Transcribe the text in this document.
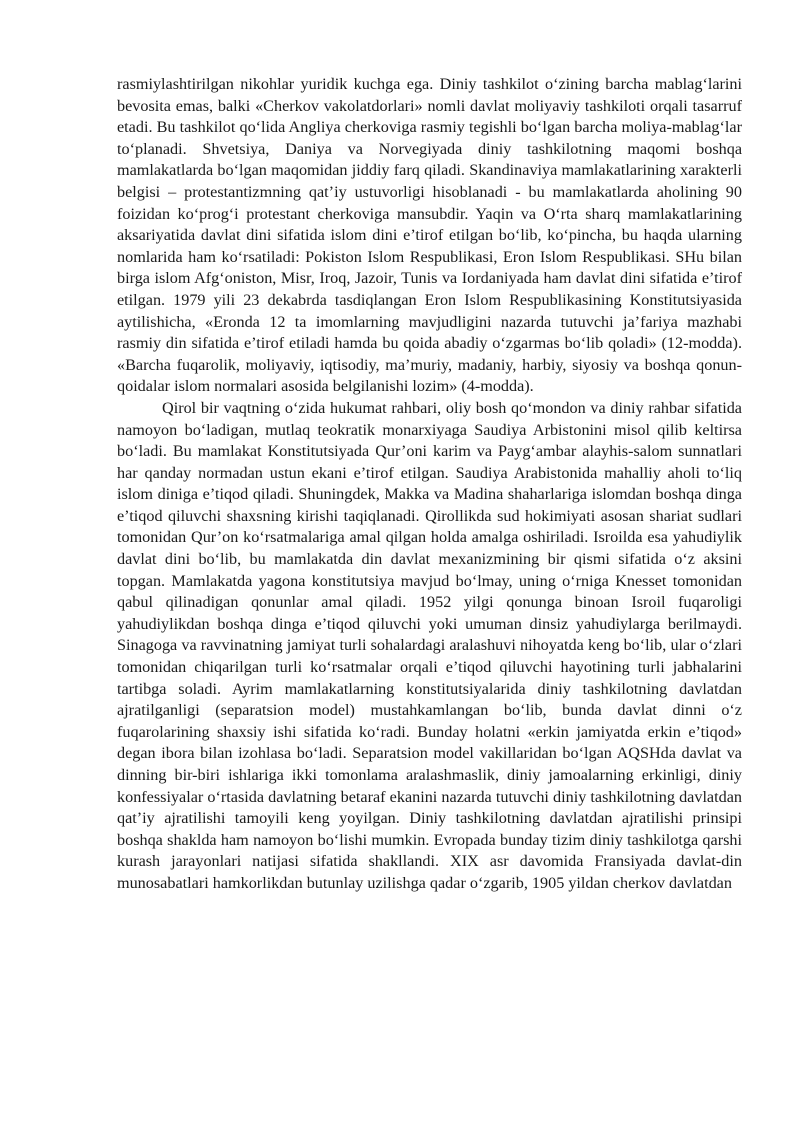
rasmiylashtirilgan nikohlar yuridik kuchga ega. Diniy tashkilot o‘zining barcha mablag‘larini bevosita emas, balki «Cherkov vakolatdorlari» nomli davlat moliyaviy tashkiloti orqali tasarruf etadi. Bu tashkilot qo‘lida Angliya cherkoviga rasmiy tegishli bo‘lgan barcha moliya-mablag‘lar to‘planadi. Shvetsiya, Daniya va Norvegiyada diniy tashkilotning maqomi boshqa mamlakatlarda bo‘lgan maqomidan jiddiy farq qiladi. Skandinaviya mamlakatlarining xarakterli belgisi – protestantizmning qat’iy ustuvorligi hisoblanadi - bu mamlakatlarda aholining 90 foizidan ko‘prog‘i protestant cherkoviga mansubdir. Yaqin va O‘rta sharq mamlakatlarining aksariyatida davlat dini sifatida islom dini e’tirof etilgan bo‘lib, ko‘pincha, bu haqda ularning nomlarida ham ko‘rsatiladi: Pokiston Islom Respublikasi, Eron Islom Respublikasi. SHu bilan birga islom Afg‘oniston, Misr, Iroq, Jazoir, Tunis va Iordaniyada ham davlat dini sifatida e’tirof etilgan. 1979 yili 23 dekabrda tasdiqlangan Eron Islom Respublikasining Konstitutsiyasida aytilishicha, «Eronda 12 ta imomlarning mavjudligini nazarda tutuvchi ja’fariya mazhabi rasmiy din sifatida e’tirof etiladi hamda bu qoida abadiy o‘zgarmas bo‘lib qoladi» (12-modda). «Barcha fuqarolik, moliyaviy, iqtisodiy, ma’muriy, madaniy, harbiy, siyosiy va boshqa qonun-qoidalar islom normalari asosida belgilanishi lozim» (4-modda).

Qirol bir vaqtning o‘zida hukumat rahbari, oliy bosh qo‘mondon va diniy rahbar sifatida namoyon bo‘ladigan, mutlaq teokratik monarxiyaga Saudiya Arbistonini misol qilib keltirsa bo‘ladi. Bu mamlakat Konstitutsiyada Qur’oni karim va Payg‘ambar alayhis-salom sunnatlari har qanday normadan ustun ekani e’tirof etilgan. Saudiya Arabistonida mahalliy aholi to‘liq islom diniga e’tiqod qiladi. Shuningdek, Makka va Madina shaharlariga islomdan boshqa dinga e’tiqod qiluvchi shaxsning kirishi taqiqlanadi. Qirollikda sud hokimiyati asosan shariat sudlari tomonidan Qur’on ko‘rsatmalariga amal qilgan holda amalga oshiriladi. Isroilda esa yahudiylik davlat dini bo‘lib, bu mamlakatda din davlat mexanizmining bir qismi sifatida o‘z aksini topgan. Mamlakatda yagona konstitutsiya mavjud bo‘lmay, uning o‘rniga Knesset tomonidan qabul qilinadigan qonunlar amal qiladi. 1952 yilgi qonunga binoan Isroil fuqaroligi yahudiylikdan boshqa dinga e’tiqod qiluvchi yoki umuman dinsiz yahudiylarga berilmaydi. Sinagoga va ravvinatning jamiyat turli sohalardagi aralashuvi nihoyatda keng bo‘lib, ular o‘zlari tomonidan chiqarilgan turli ko‘rsatmalar orqali e’tiqod qiluvchi hayotining turli jabhalarini tartibga soladi. Ayrim mamlakatlarning konstitutsiyalarida diniy tashkilotning davlatdan ajratilganligi (separatsion model) mustahkamlangan bo‘lib, bunda davlat dinni o‘z fuqarolarining shaxsiy ishi sifatida ko‘radi. Bunday holatni «erkin jamiyatda erkin e’tiqod» degan ibora bilan izohlasa bo‘ladi. Separatsion model vakillaridan bo‘lgan AQSHda davlat va dinning bir-biri ishlariga ikki tomonlama aralashmaslik, diniy jamoalarning erkinligi, diniy konfessiyalar o‘rtasida davlatning betaraf ekanini nazarda tutuvchi diniy tashkilotning davlatdan qat’iy ajratilishi tamoyili keng yoyilgan. Diniy tashkilotning davlatdan ajratilishi prinsipi boshqa shaklda ham namoyon bo‘lishi mumkin. Evropada bunday tizim diniy tashkilotga qarshi kurash jarayonlari natijasi sifatida shakllandi. XIX asr davomida Fransiyada davlat-din munosabatlari hamkorlikdan butunlay uzilishga qadar o‘zgarib, 1905 yildan cherkov davlatdan
